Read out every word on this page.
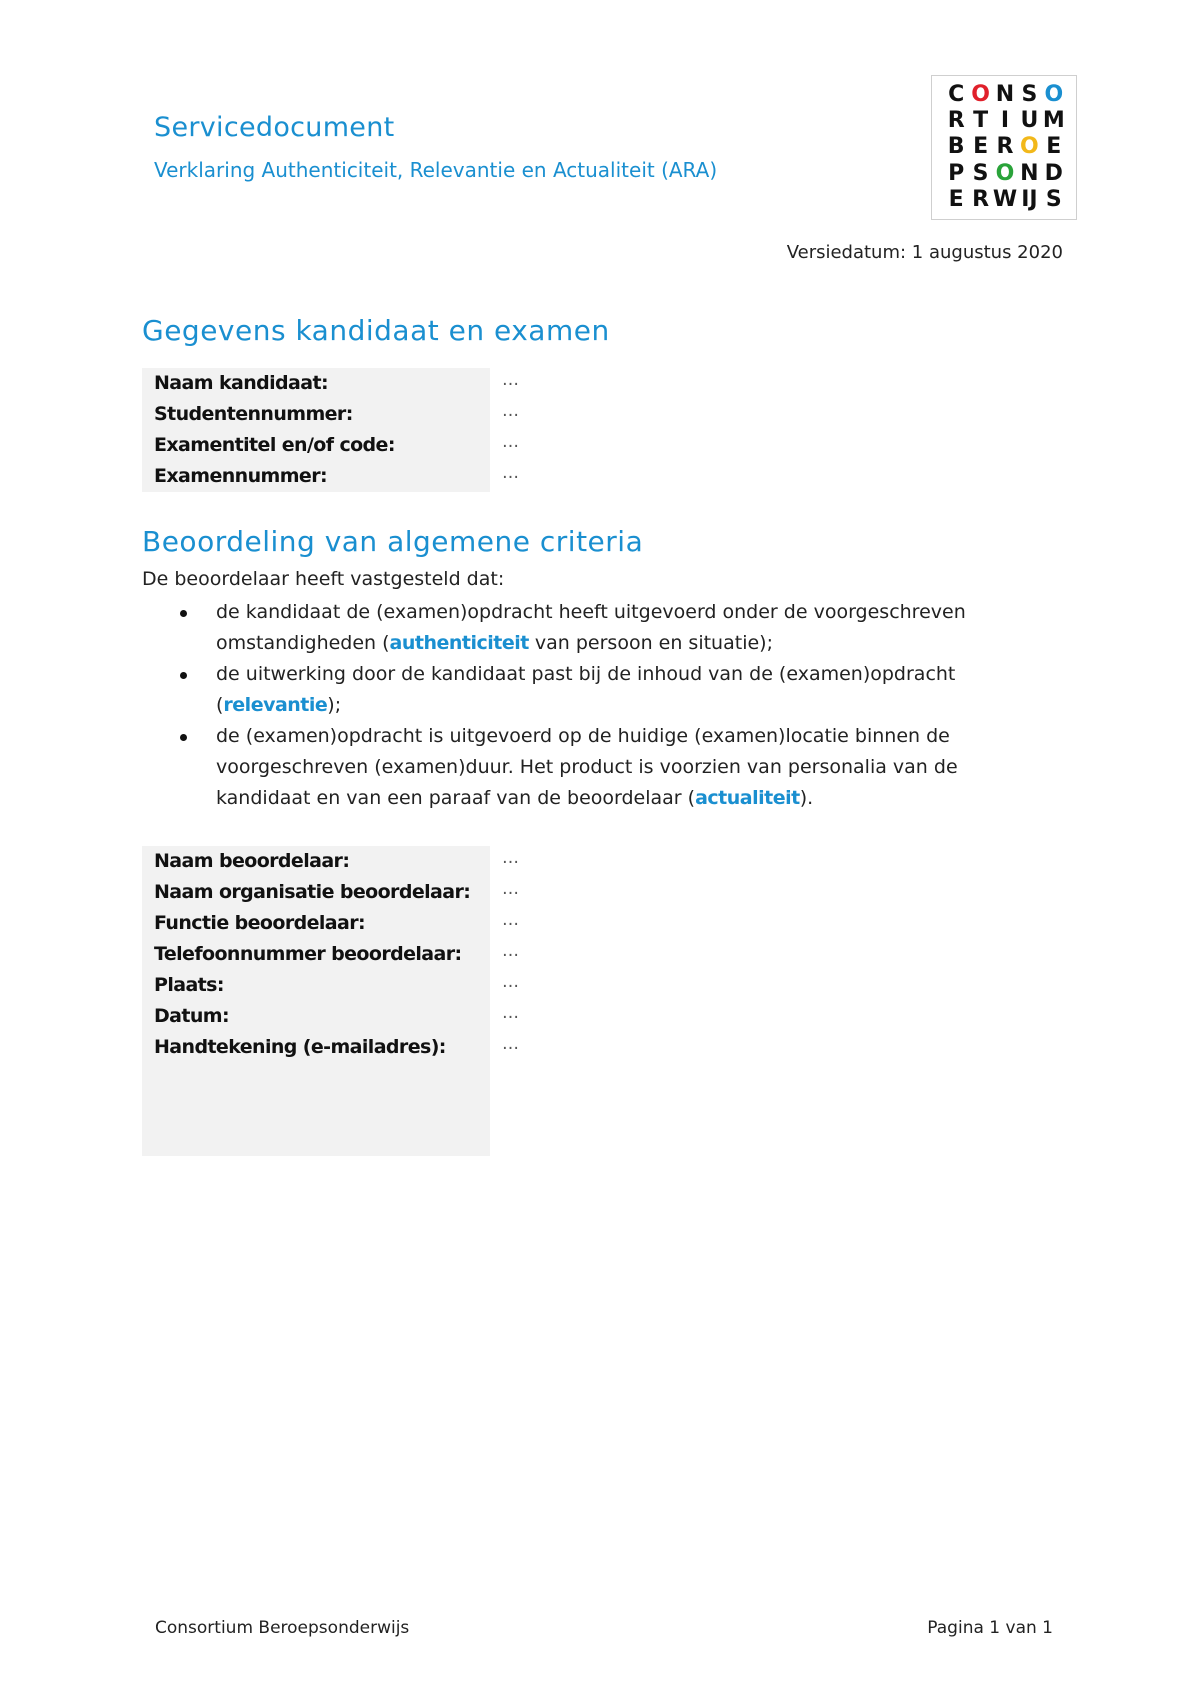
Servicedocument
Verklaring Authenticiteit, Relevantie en Actualiteit (ARA)
C O N S O
R T I U M
B E R O E
P S O N D
E R W IJ S
Versiedatum: 1 augustus 2020
Gegevens kandidaat en examen
Naam kandidaat:	…
Studentennummer:	…
Examentitel en/of code:	…
Examennummer:	…
Beoordeling van algemene criteria
De beoordelaar heeft vastgesteld dat:
de kandidaat de (examen)opdracht heeft uitgevoerd onder de voorgeschreven omstandigheden (authenticiteit van persoon en situatie);
de uitwerking door de kandidaat past bij de inhoud van de (examen)opdracht (relevantie);
de (examen)opdracht is uitgevoerd op de huidige (examen)locatie binnen de voorgeschreven (examen)duur. Het product is voorzien van personalia van de kandidaat en van een paraaf van de beoordelaar (actualiteit).
Naam beoordelaar:	…
Naam organisatie beoordelaar: …
Functie beoordelaar:	…
Telefoonnummer beoordelaar: …
Plaats:	…
Datum:	…
Handtekening (e-mailadres):	…
Consortium Beroepsonderwijs	Pagina 1 van 1
